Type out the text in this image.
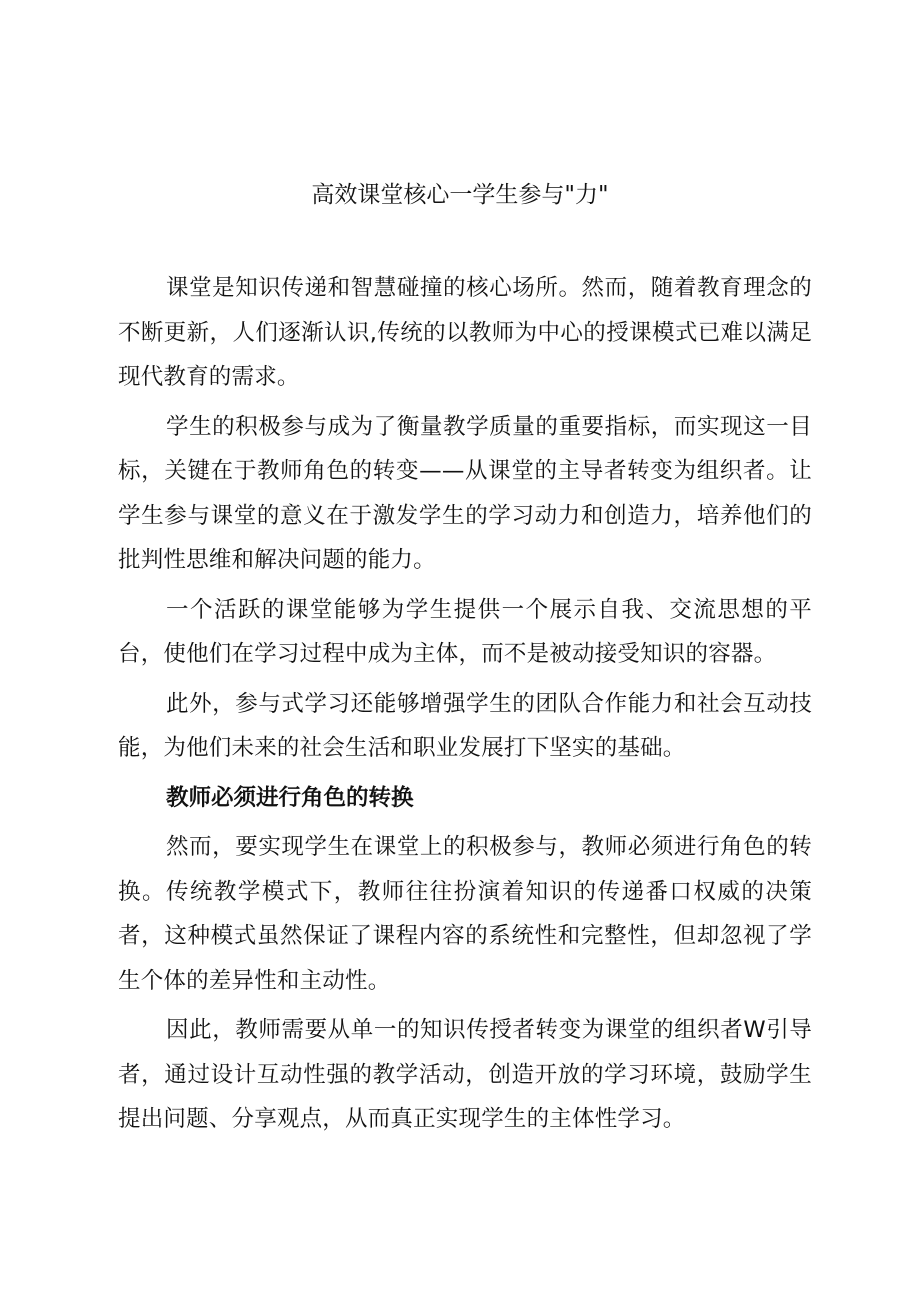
高效课堂核心一学生参与"力"

课堂是知识传递和智慧碰撞的核心场所。然而，随着教育理念的不断更新，人们逐渐认识,传统的以教师为中心的授课模式已难以满足现代教育的需求。

学生的积极参与成为了衡量教学质量的重要指标，而实现这一目标，关键在于教师角色的转变——从课堂的主导者转变为组织者。让学生参与课堂的意义在于激发学生的学习动力和创造力，培养他们的批判性思维和解决问题的能力。

一个活跃的课堂能够为学生提供一个展示自我、交流思想的平台，使他们在学习过程中成为主体，而不是被动接受知识的容器。

此外，参与式学习还能够增强学生的团队合作能力和社会互动技能，为他们未来的社会生活和职业发展打下坚实的基础。

教师必须进行角色的转换

然而，要实现学生在课堂上的积极参与，教师必须进行角色的转换。传统教学模式下，教师往往扮演着知识的传递番口权威的决策者，这种模式虽然保证了课程内容的系统性和完整性，但却忽视了学生个体的差异性和主动性。

因此，教师需要从单一的知识传授者转变为课堂的组织者W引导者，通过设计互动性强的教学活动，创造开放的学习环境，鼓励学生提出问题、分享观点，从而真正实现学生的主体性学习。
